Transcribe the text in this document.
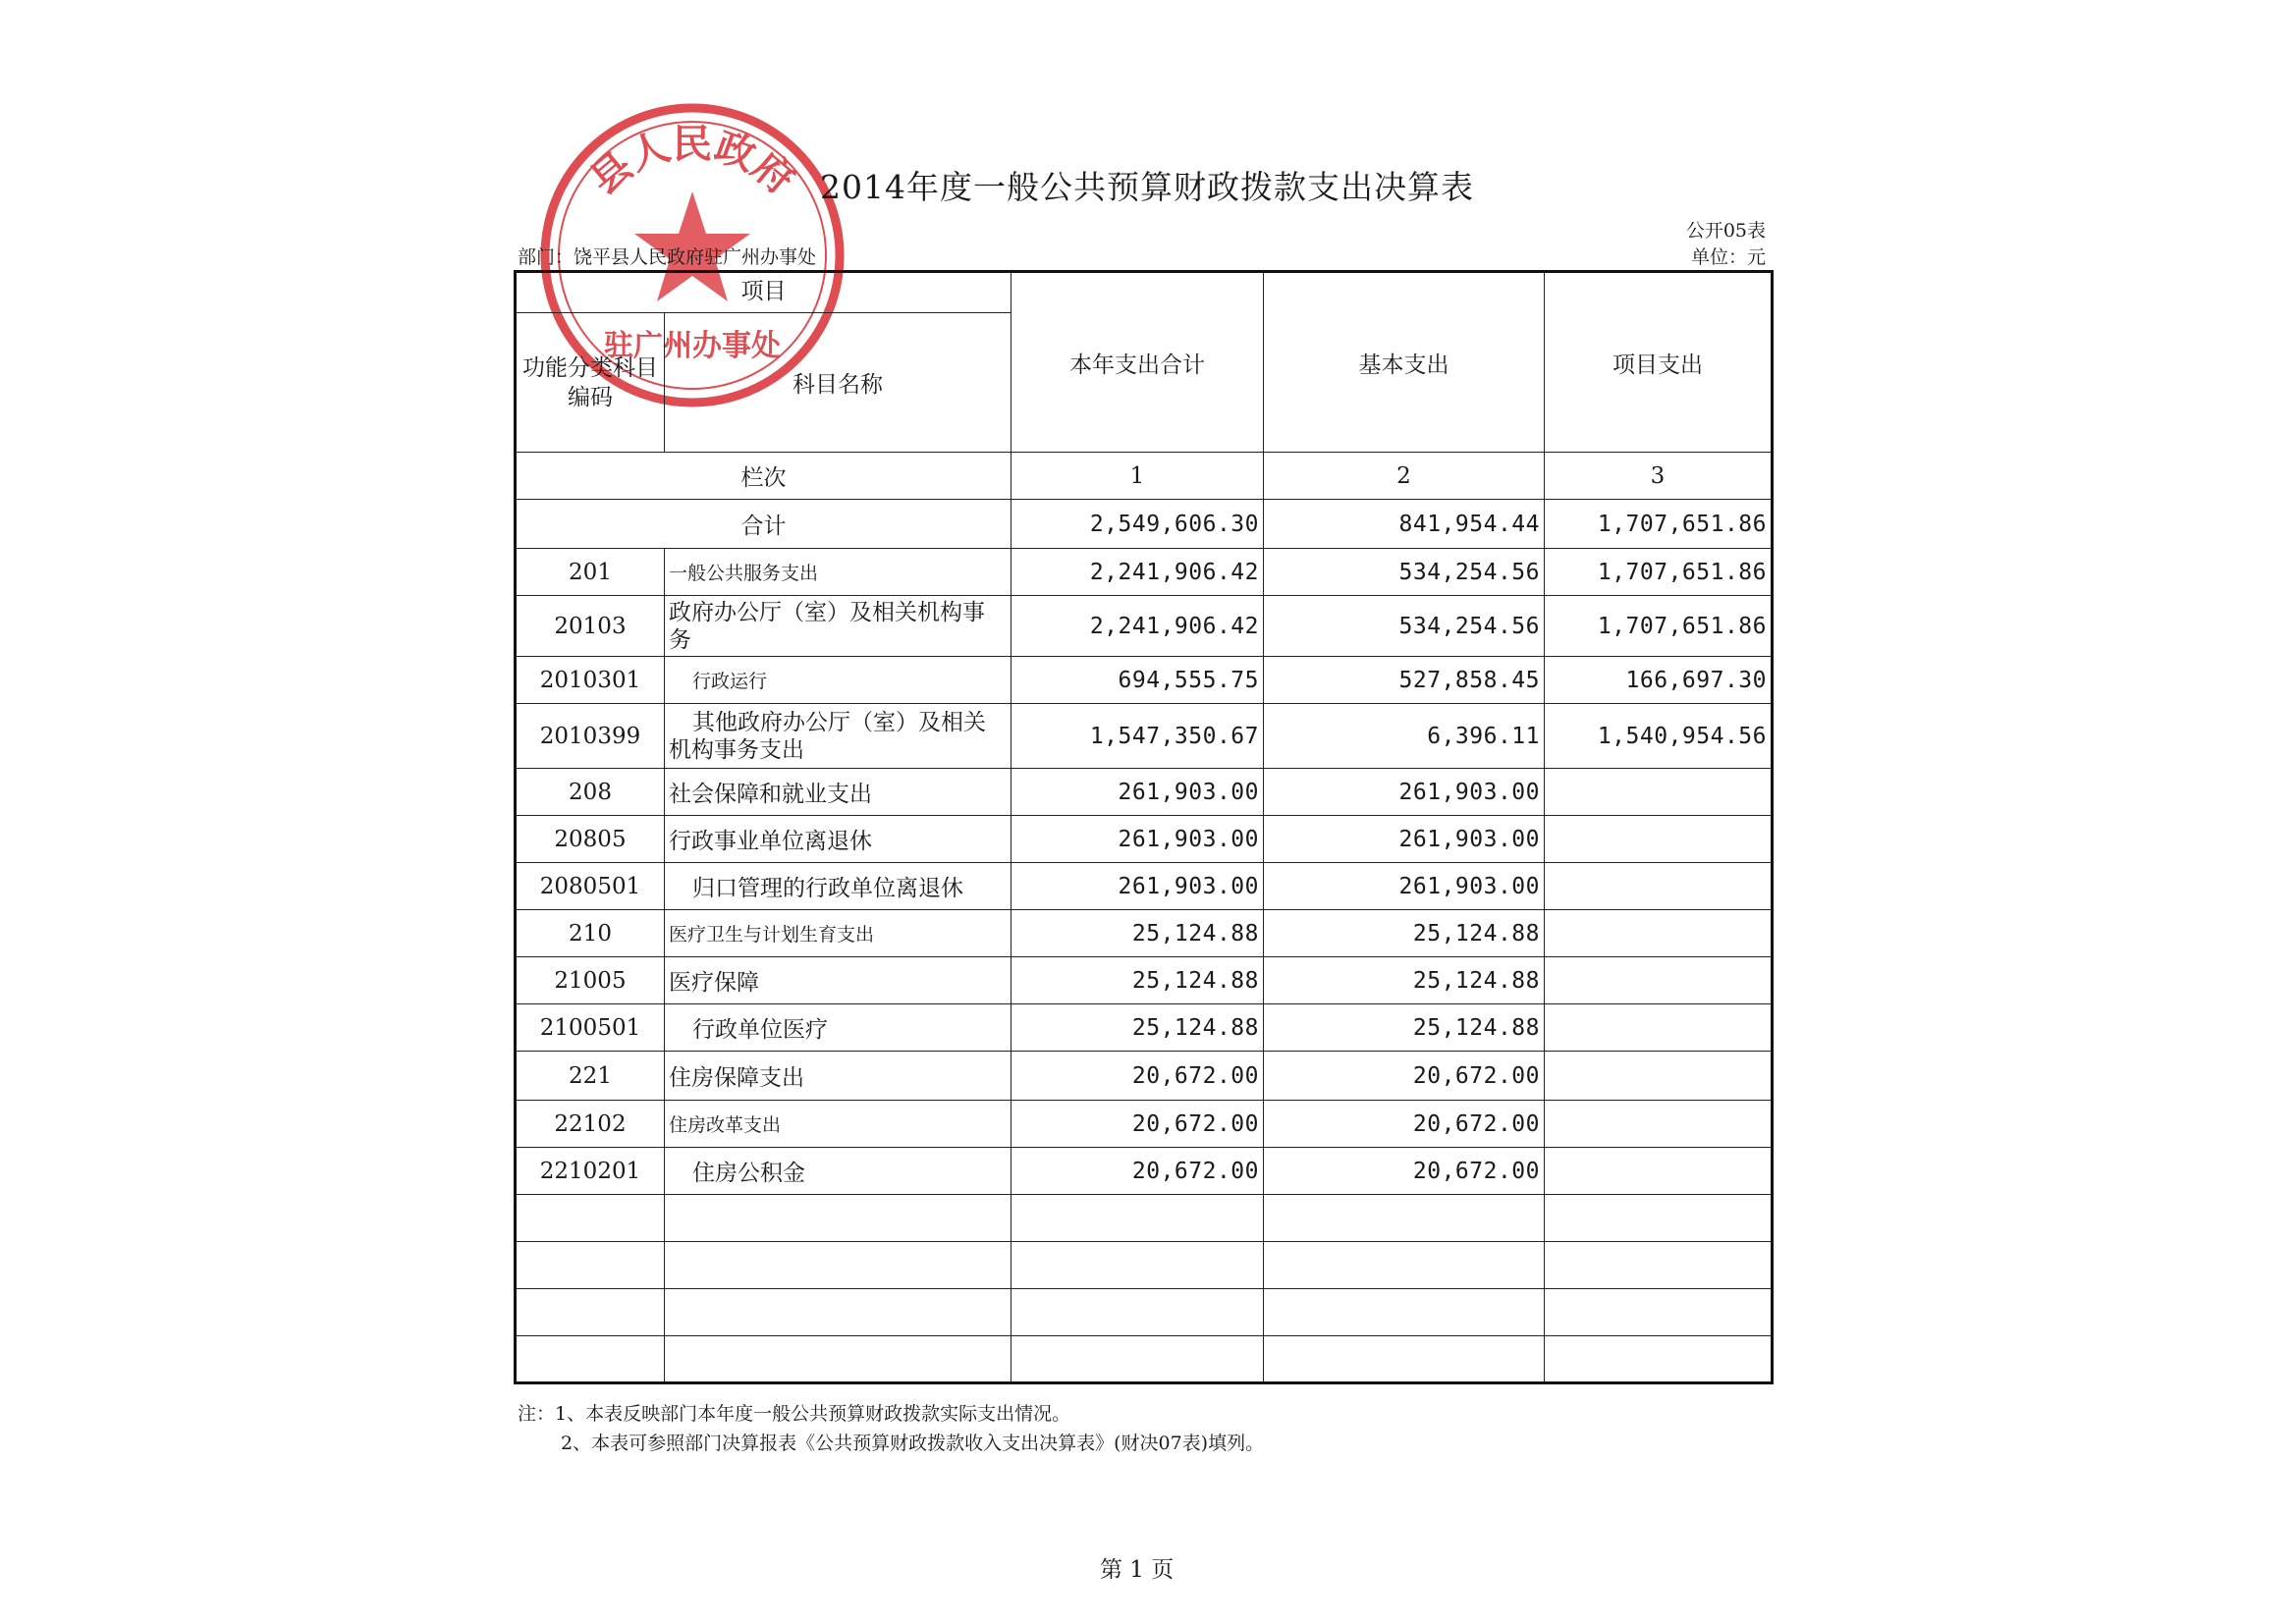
县人民政府
驻广州办事处
2014年度一般公共预算财政拨款支出决算表
公开05表
部门：饶平县人民政府驻广州办事处	单位：元
项目		本年支出合计	基本支出	项目支出
功能分类科目编码	科目名称			
栏次		1	2	3
合计		2,549,606.30	841,954.44	1,707,651.86
201	一般公共服务支出	2,241,906.42	534,254.56	1,707,651.86
20103	政府办公厅（室）及相关机构事务	2,241,906.42	534,254.56	1,707,651.86
2010301	行政运行	694,555.75	527,858.45	166,697.30
2010399	其他政府办公厅（室）及相关机构事务支出	1,547,350.67	6,396.11	1,540,954.56
208	社会保障和就业支出	261,903.00	261,903.00	
20805	行政事业单位离退休	261,903.00	261,903.00	
2080501	归口管理的行政单位离退休	261,903.00	261,903.00	
210	医疗卫生与计划生育支出	25,124.88	25,124.88	
21005	医疗保障	25,124.88	25,124.88	
2100501	行政单位医疗	25,124.88	25,124.88	
221	住房保障支出	20,672.00	20,672.00	
22102	住房改革支出	20,672.00	20,672.00	
2210201	住房公积金	20,672.00	20,672.00	

注：1、本表反映部门本年度一般公共预算财政拨款实际支出情况。
2、本表可参照部门决算报表《公共预算财政拨款收入支出决算表》(财决07表)填列。
第 1 页
